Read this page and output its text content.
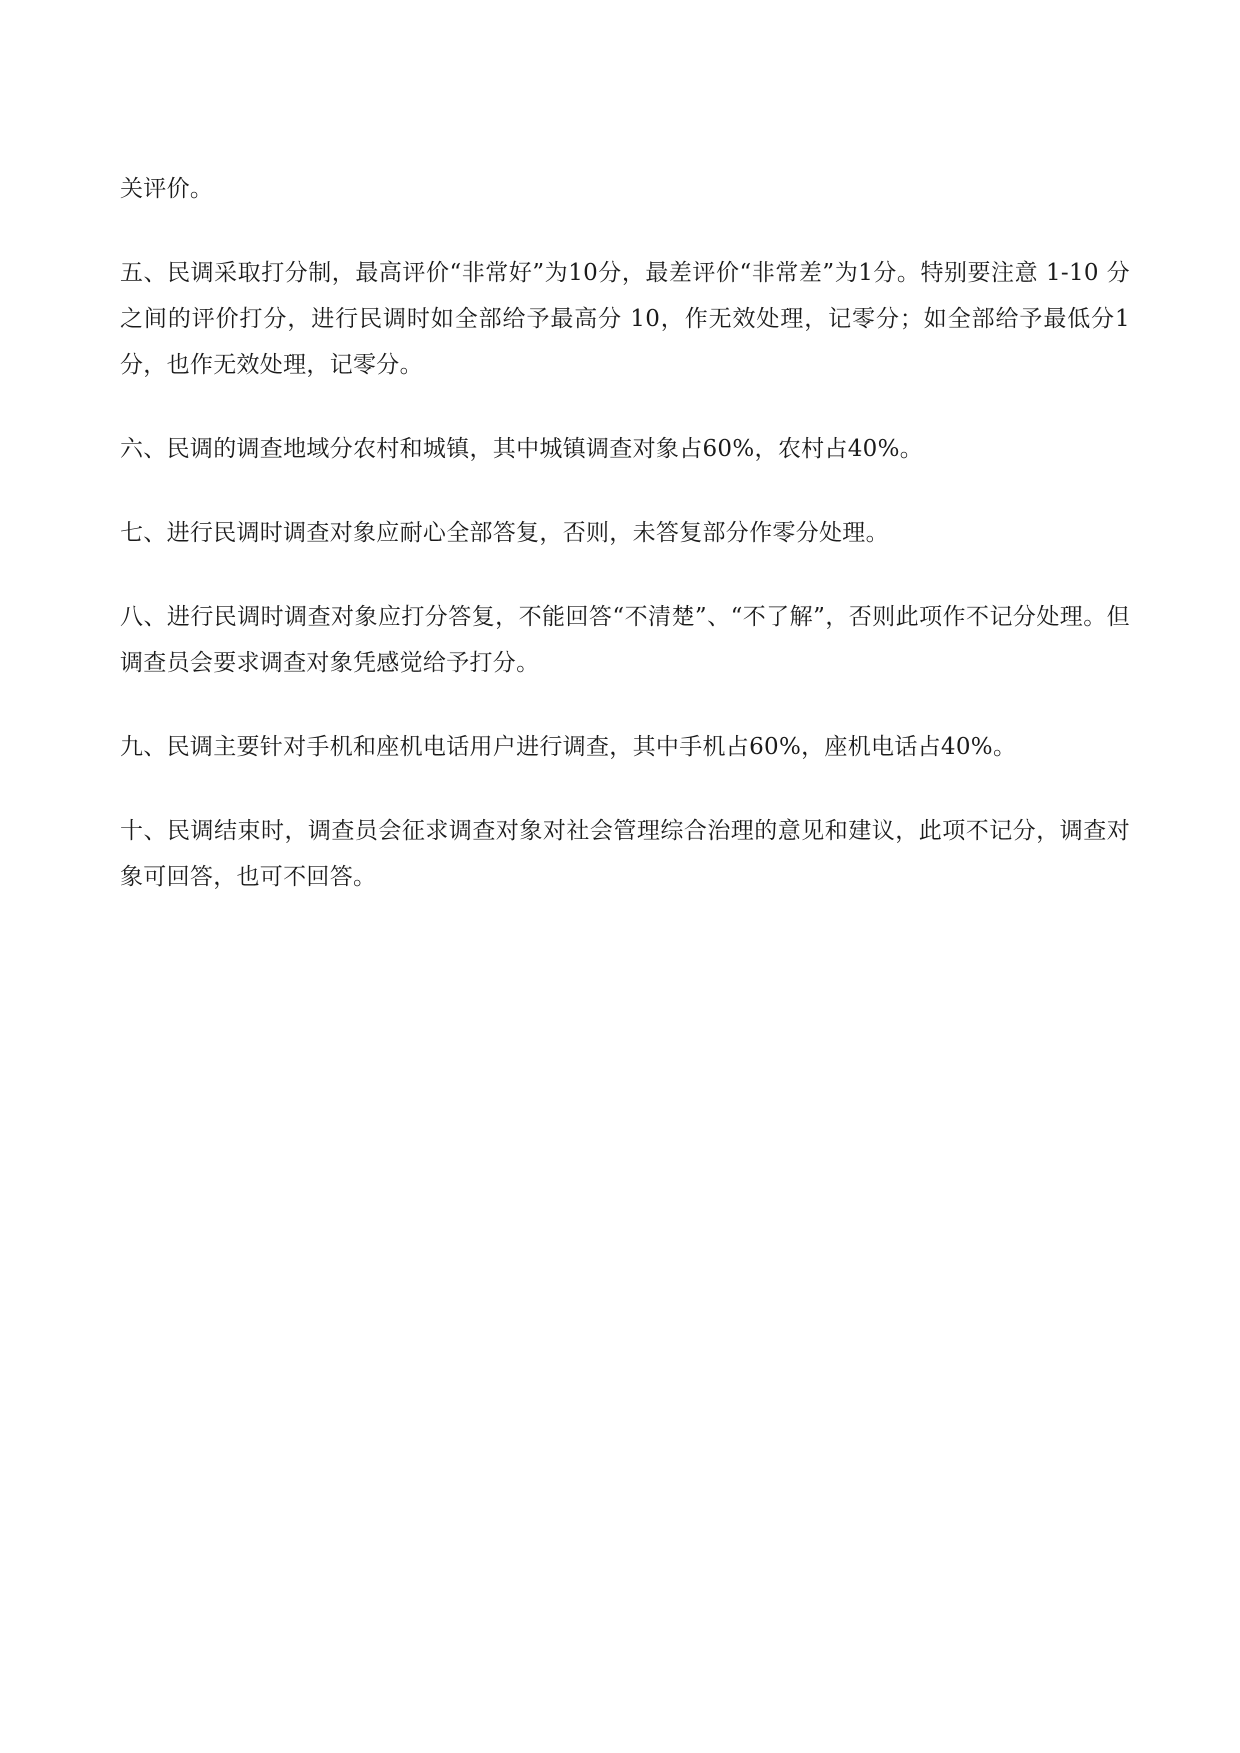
关评价。

五、民调采取打分制，最高评价“非常好”为10分，最差评价“非常差”为1分。特别要注意 1-10 分之间的评价打分，进行民调时如全部给予最高分 10，作无效处理，记零分；如全部给予最低分1分，也作无效处理，记零分。

六、民调的调查地域分农村和城镇，其中城镇调查对象占60%，农村占40%。

七、进行民调时调查对象应耐心全部答复，否则，未答复部分作零分处理。

八、进行民调时调查对象应打分答复，不能回答“不清楚”、“不了解”，否则此项作不记分处理。但调查员会要求调查对象凭感觉给予打分。

九、民调主要针对手机和座机电话用户进行调查，其中手机占60%，座机电话占40%。

十、民调结束时，调查员会征求调查对象对社会管理综合治理的意见和建议，此项不记分，调查对象可回答，也可不回答。
